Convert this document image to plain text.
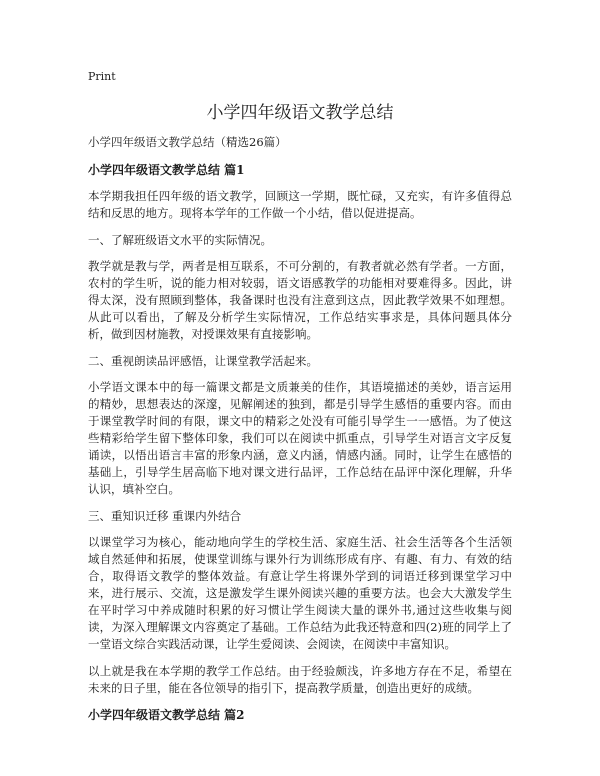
Print
小学四年级语文教学总结
小学四年级语文教学总结（精选26篇）
小学四年级语文教学总结 篇1

本学期我担任四年级的语文教学，回顾这一学期，既忙碌，又充实，有许多值得总结和反思的地方。现将本学年的工作做一个小结，借以促进提高。

一、了解班级语文水平的实际情况。

教学就是教与学，两者是相互联系，不可分割的，有教者就必然有学者。一方面，农村的学生听，说的能力相对较弱，语文语感教学的功能相对要难得多。因此，讲得太深，没有照顾到整体，我备课时也没有注意到这点，因此教学效果不如理想。从此可以看出，了解及分析学生实际情况，工作总结实事求是，具体问题具体分析，做到因材施教，对授课效果有直接影响。

二、重视朗读品评感悟，让课堂教学活起来。

小学语文课本中的每一篇课文都是文质兼美的佳作，其语境描述的美妙，语言运用的精妙，思想表达的深邃，见解阐述的独到，都是引导学生感悟的重要内容。而由于课堂教学时间的有限，课文中的精彩之处没有可能引导学生一一感悟。为了使这些精彩给学生留下整体印象，我们可以在阅读中抓重点，引导学生对语言文字反复诵读，以悟出语言丰富的形象内涵，意义内涵，情感内涵。同时，让学生在感悟的基础上，引导学生居高临下地对课文进行品评，工作总结在品评中深化理解，升华认识，填补空白。

三、重知识迁移 重课内外结合

以课堂学习为核心，能动地向学生的学校生活、家庭生活、社会生活等各个生活领域自然延伸和拓展，使课堂训练与课外行为训练形成有序、有趣、有力、有效的结合，取得语文教学的整体效益。有意让学生将课外学到的词语迁移到课堂学习中来，进行展示、交流，这是激发学生课外阅读兴趣的重要方法。也会大大激发学生在平时学习中养成随时积累的好习惯让学生阅读大量的课外书,通过这些收集与阅读，为深入理解课文内容奠定了基础。工作总结为此我还特意和四(2)班的同学上了一堂语文综合实践活动课，让学生爱阅读、会阅读，在阅读中丰富知识。

以上就是我在本学期的教学工作总结。由于经验颇浅，许多地方存在不足，希望在未来的日子里，能在各位领导的指引下，提高教学质量，创造出更好的成绩。

小学四年级语文教学总结 篇2
